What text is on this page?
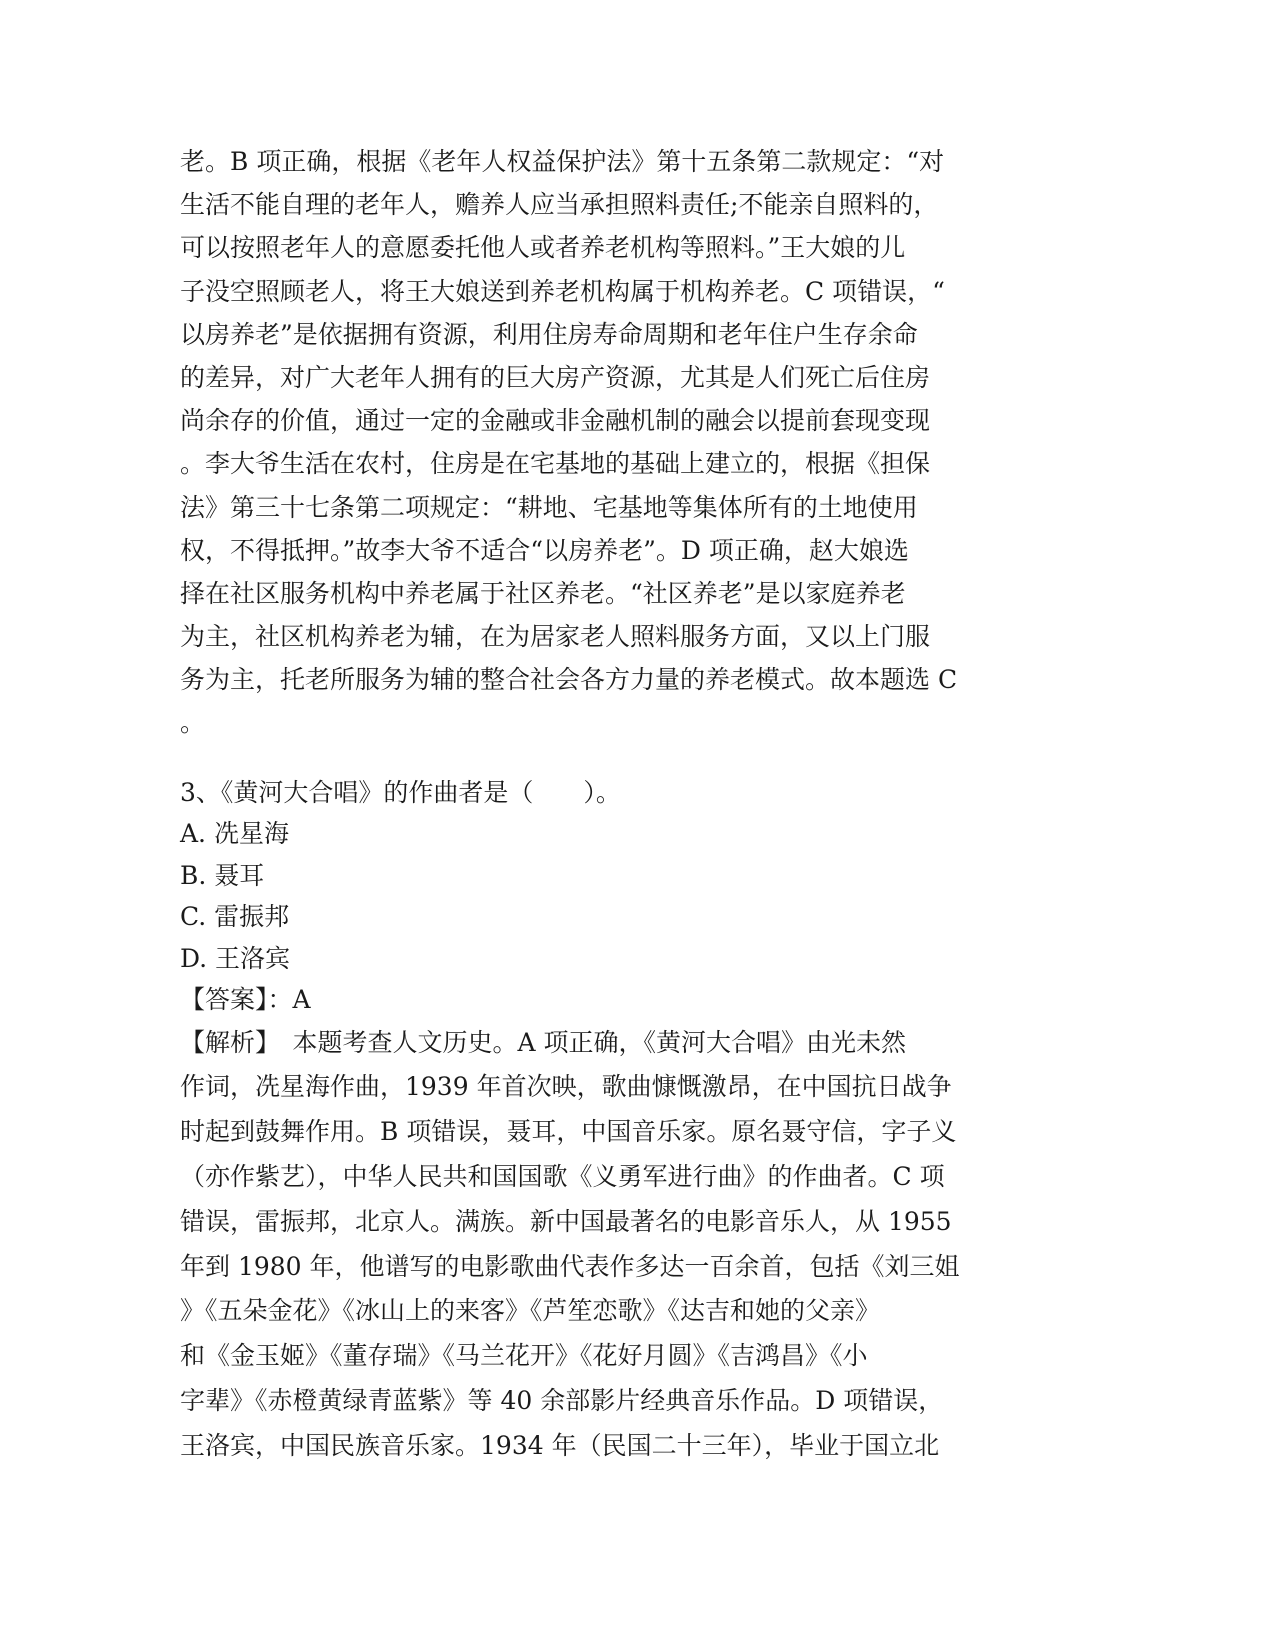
老。B 项正确，根据《老年人权益保护法》第十五条第二款规定：“对

生活不能自理的老年人，赡养人应当承担照料责任;不能亲自照料的，

可以按照老年人的意愿委托他人或者养老机构等照料。”王大娘的儿

子没空照顾老人，将王大娘送到养老机构属于机构养老。C 项错误，“

以房养老”是依据拥有资源，利用住房寿命周期和老年住户生存余命

的差异，对广大老年人拥有的巨大房产资源，尤其是人们死亡后住房

尚余存的价值，通过一定的金融或非金融机制的融会以提前套现变现

。李大爷生活在农村，住房是在宅基地的基础上建立的，根据《担保

法》第三十七条第二项规定：“耕地、宅基地等集体所有的土地使用

权，不得抵押。”故李大爷不适合“以房养老”。D 项正确，赵大娘选

择在社区服务机构中养老属于社区养老。“社区养老”是以家庭养老

为主，社区机构养老为辅，在为居家老人照料服务方面，又以上门服

务为主，托老所服务为辅的整合社会各方力量的养老模式。故本题选 C

。

3、《黄河大合唱》的作曲者是（　　）。

A. 冼星海

B. 聂耳

C. 雷振邦

D. 王洛宾

【答案】：A

【解析】　本题考查人文历史。A 项正确，《黄河大合唱》由光未然

作词，冼星海作曲，1939 年首次映，歌曲慷慨激昂，在中国抗日战争

时起到鼓舞作用。B 项错误，聂耳，中国音乐家。原名聂守信，字子义

（亦作紫艺），中华人民共和国国歌《义勇军进行曲》的作曲者。C 项

错误，雷振邦，北京人。满族。新中国最著名的电影音乐人，从 1955

年到 1980 年，他谱写的电影歌曲代表作多达一百余首，包括《刘三姐

》《五朵金花》《冰山上的来客》《芦笙恋歌》《达吉和她的父亲》

和《金玉姬》《董存瑞》《马兰花开》《花好月圆》《吉鸿昌》《小

字辈》《赤橙黄绿青蓝紫》等 40 余部影片经典音乐作品。D 项错误，

王洛宾，中国民族音乐家。1934 年（民国二十三年），毕业于国立北
